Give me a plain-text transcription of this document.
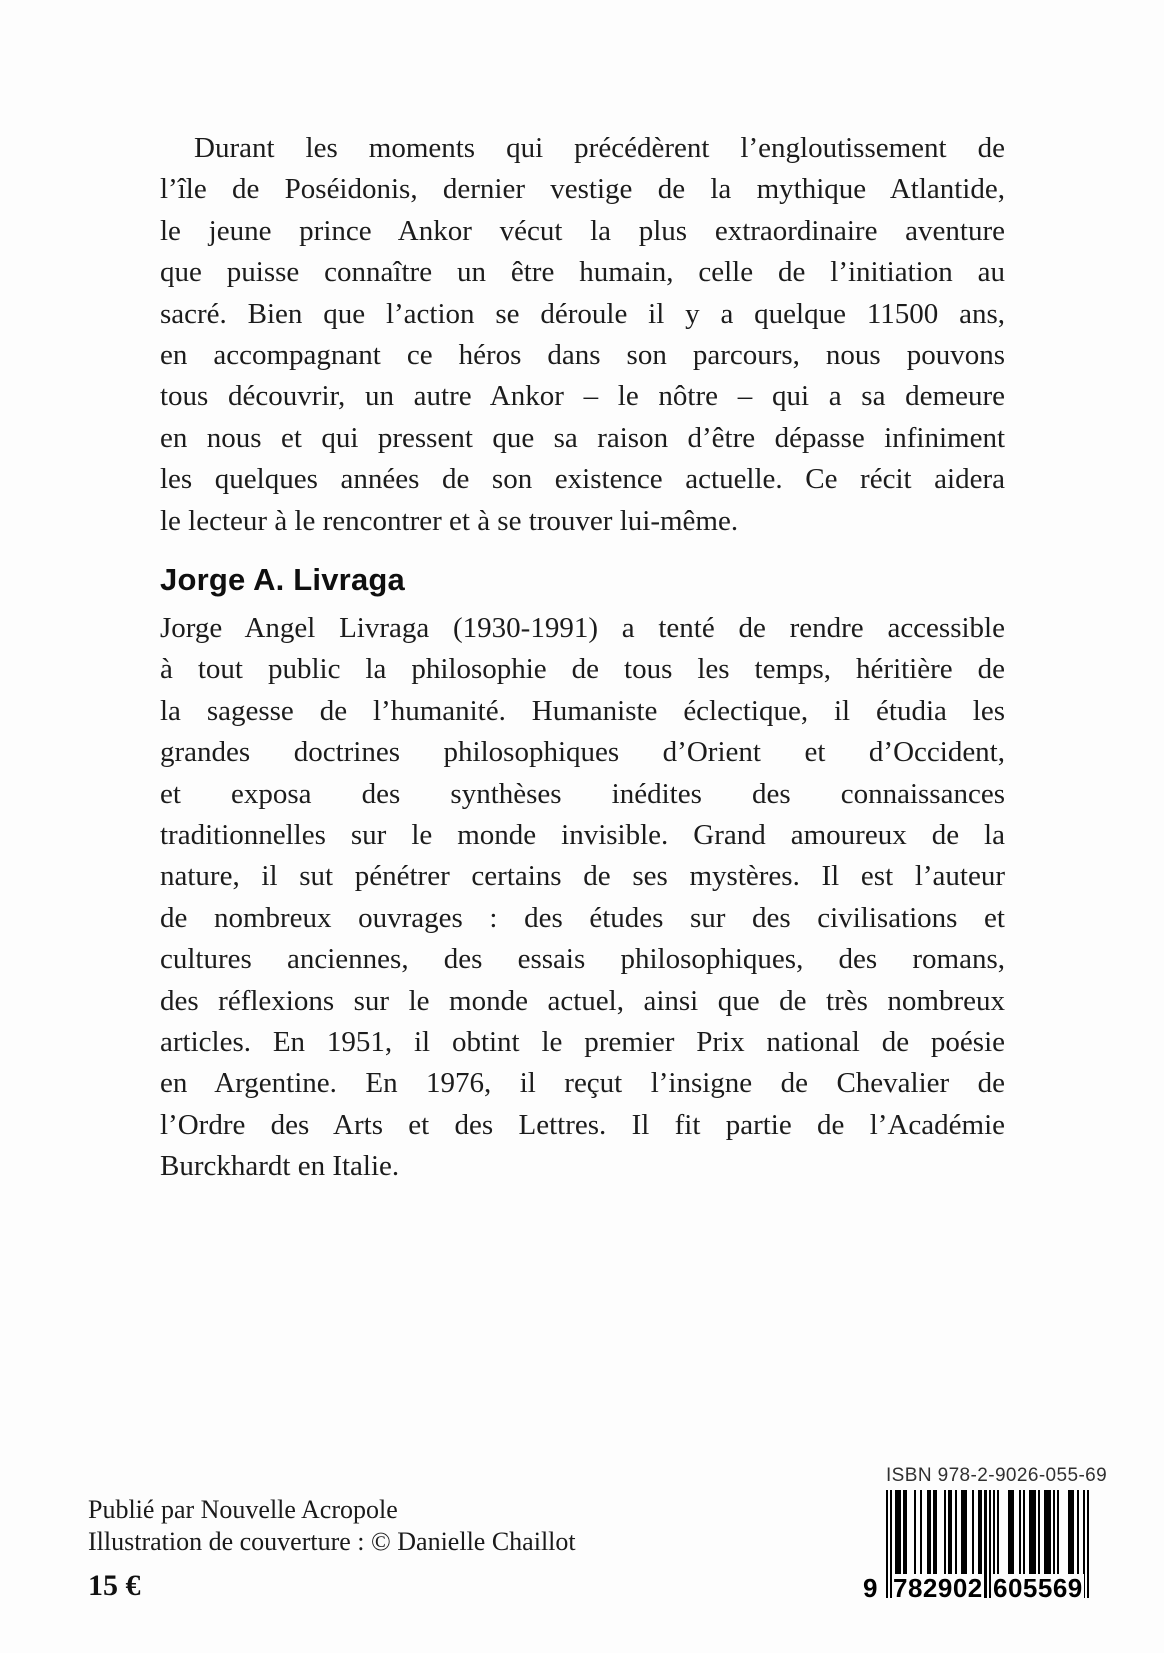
Durant les moments qui précédèrent l’engloutissement de
l’île de Poséidonis, dernier vestige de la mythique Atlantide,
le jeune prince Ankor vécut la plus extraordinaire aventure
que puisse connaître un être humain, celle de l’initiation au
sacré. Bien que l’action se déroule il y a quelque 11500 ans,
en accompagnant ce héros dans son parcours, nous pouvons
tous découvrir, un autre Ankor – le nôtre – qui a sa demeure
en nous et qui pressent que sa raison d’être dépasse infiniment
les quelques années de son existence actuelle. Ce récit aidera
le lecteur à le rencontrer et à se trouver lui-même.
Jorge A. Livraga
Jorge Angel Livraga (1930-1991) a tenté de rendre accessible
à tout public la philosophie de tous les temps, héritière de
la sagesse de l’humanité. Humaniste éclectique, il étudia les
grandes doctrines philosophiques d’Orient et d’Occident,
et exposa des synthèses inédites des connaissances
traditionnelles sur le monde invisible. Grand amoureux de la
nature, il sut pénétrer certains de ses mystères. Il est l’auteur
de nombreux ouvrages : des études sur des civilisations et
cultures anciennes, des essais philosophiques, des romans,
des réflexions sur le monde actuel, ainsi que de très nombreux
articles. En 1951, il obtint le premier Prix national de poésie
en Argentine. En 1976, il reçut l’insigne de Chevalier de
l’Ordre des Arts et des Lettres. Il fit partie de l’Académie
Burckhardt en Italie.
Publié par Nouvelle Acropole
Illustration de couverture : © Danielle Chaillot
15 €
ISBN 978-2-9026-055-69
9 782902 605569
